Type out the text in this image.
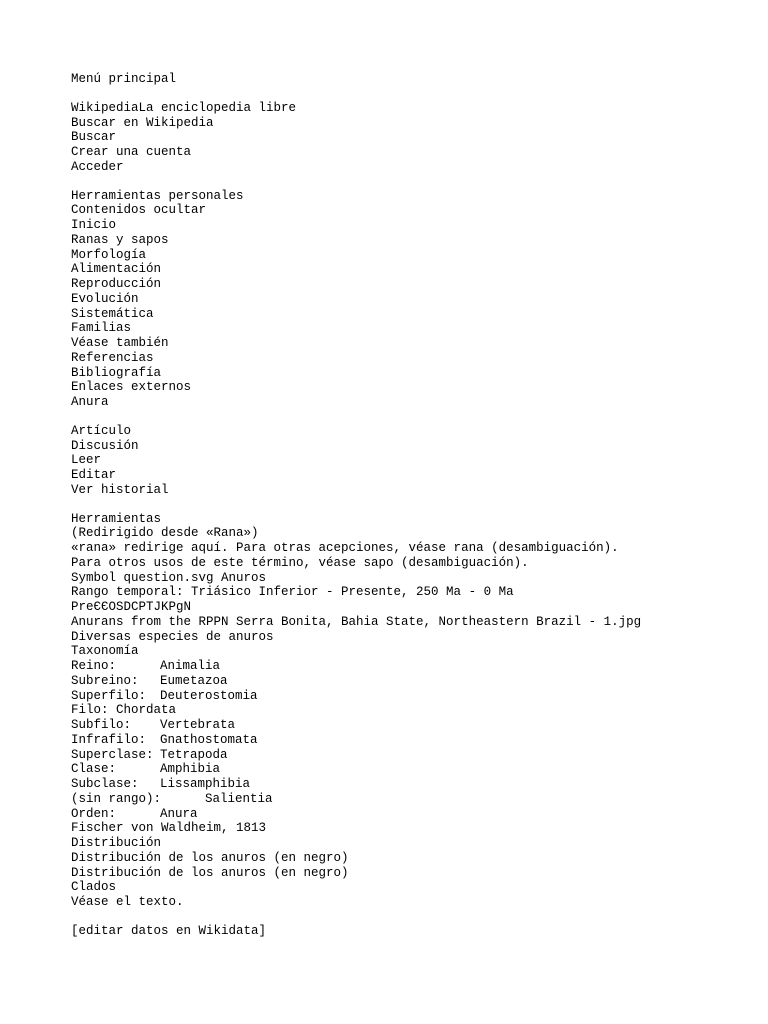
Menú principal
WikipediaLa enciclopedia libre
Buscar en Wikipedia
Buscar
Crear una cuenta
Acceder
Herramientas personales
Contenidos ocultar
Inicio
Ranas y sapos
Morfología
Alimentación
Reproducción
Evolución
Sistemática
Familias
Véase también
Referencias
Bibliografía
Enlaces externos
Anura
Artículo
Discusión
Leer
Editar
Ver historial
Herramientas
(Redirigido desde «Rana»)
«rana» redirige aquí. Para otras acepciones, véase rana (desambiguación).
Para otros usos de este término, véase sapo (desambiguación).
Symbol question.svg Anuros
Rango temporal: Triásico Inferior - Presente, 250 Ma - 0 Ma
PreЄЄOSDCPTJKPgN
Anurans from the RPPN Serra Bonita, Bahia State, Northeastern Brazil - 1.jpg
Diversas especies de anuros
Taxonomía
Reino:	Animalia
Subreino:	Eumetazoa
Superfilo:	Deuterostomia
Filo: Chordata
Subfilo:	Vertebrata
Infrafilo:	Gnathostomata
Superclase: Tetrapoda
Clase:	Amphibia
Subclase:	Lissamphibia
(sin rango):	Salientia
Orden:	Anura
Fischer von Waldheim, 1813
Distribución
Distribución de los anuros (en negro)
Distribución de los anuros (en negro)
Clados
Véase el texto.
[editar datos en Wikidata]
